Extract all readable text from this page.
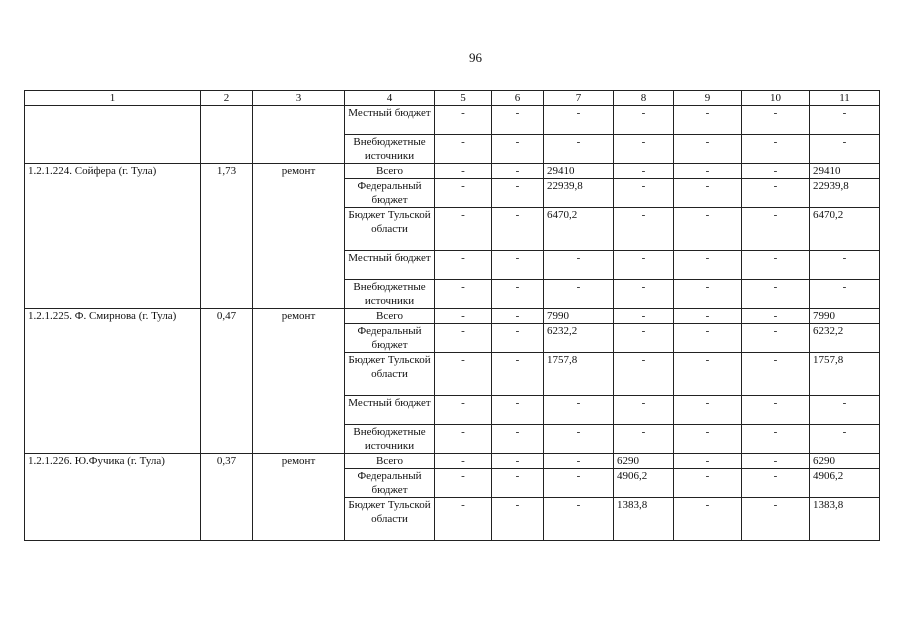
96
1	2	3	4	5	6	7	8	9	10	11
			Местный бюджет	-	-	-	-	-	-	-
			Внебюджетные источники	-	-	-	-	-	-	-
1.2.1.224. Сойфера (г. Тула)	1,73	ремонт	Всего	-	-	29410	-	-	-	29410
			Федеральный бюджет	-	-	22939,8	-	-	-	22939,8
			Бюджет Тульской области	-	-	6470,2	-	-	-	6470,2
			Местный бюджет	-	-	-	-	-	-	-
			Внебюджетные источники	-	-	-	-	-	-	-
1.2.1.225. Ф. Смирнова (г. Тула)	0,47	ремонт	Всего	-	-	7990	-	-	-	7990
			Федеральный бюджет	-	-	6232,2	-	-	-	6232,2
			Бюджет Тульской области	-	-	1757,8	-	-	-	1757,8
			Местный бюджет	-	-	-	-	-	-	-
			Внебюджетные источники	-	-	-	-	-	-	-
1.2.1.226. Ю.Фучика (г. Тула)	0,37	ремонт	Всего	-	-	-	6290	-	-	6290
			Федеральный бюджет	-	-	-	4906,2	-	-	4906,2
			Бюджет Тульской области	-	-	-	1383,8	-	-	1383,8
